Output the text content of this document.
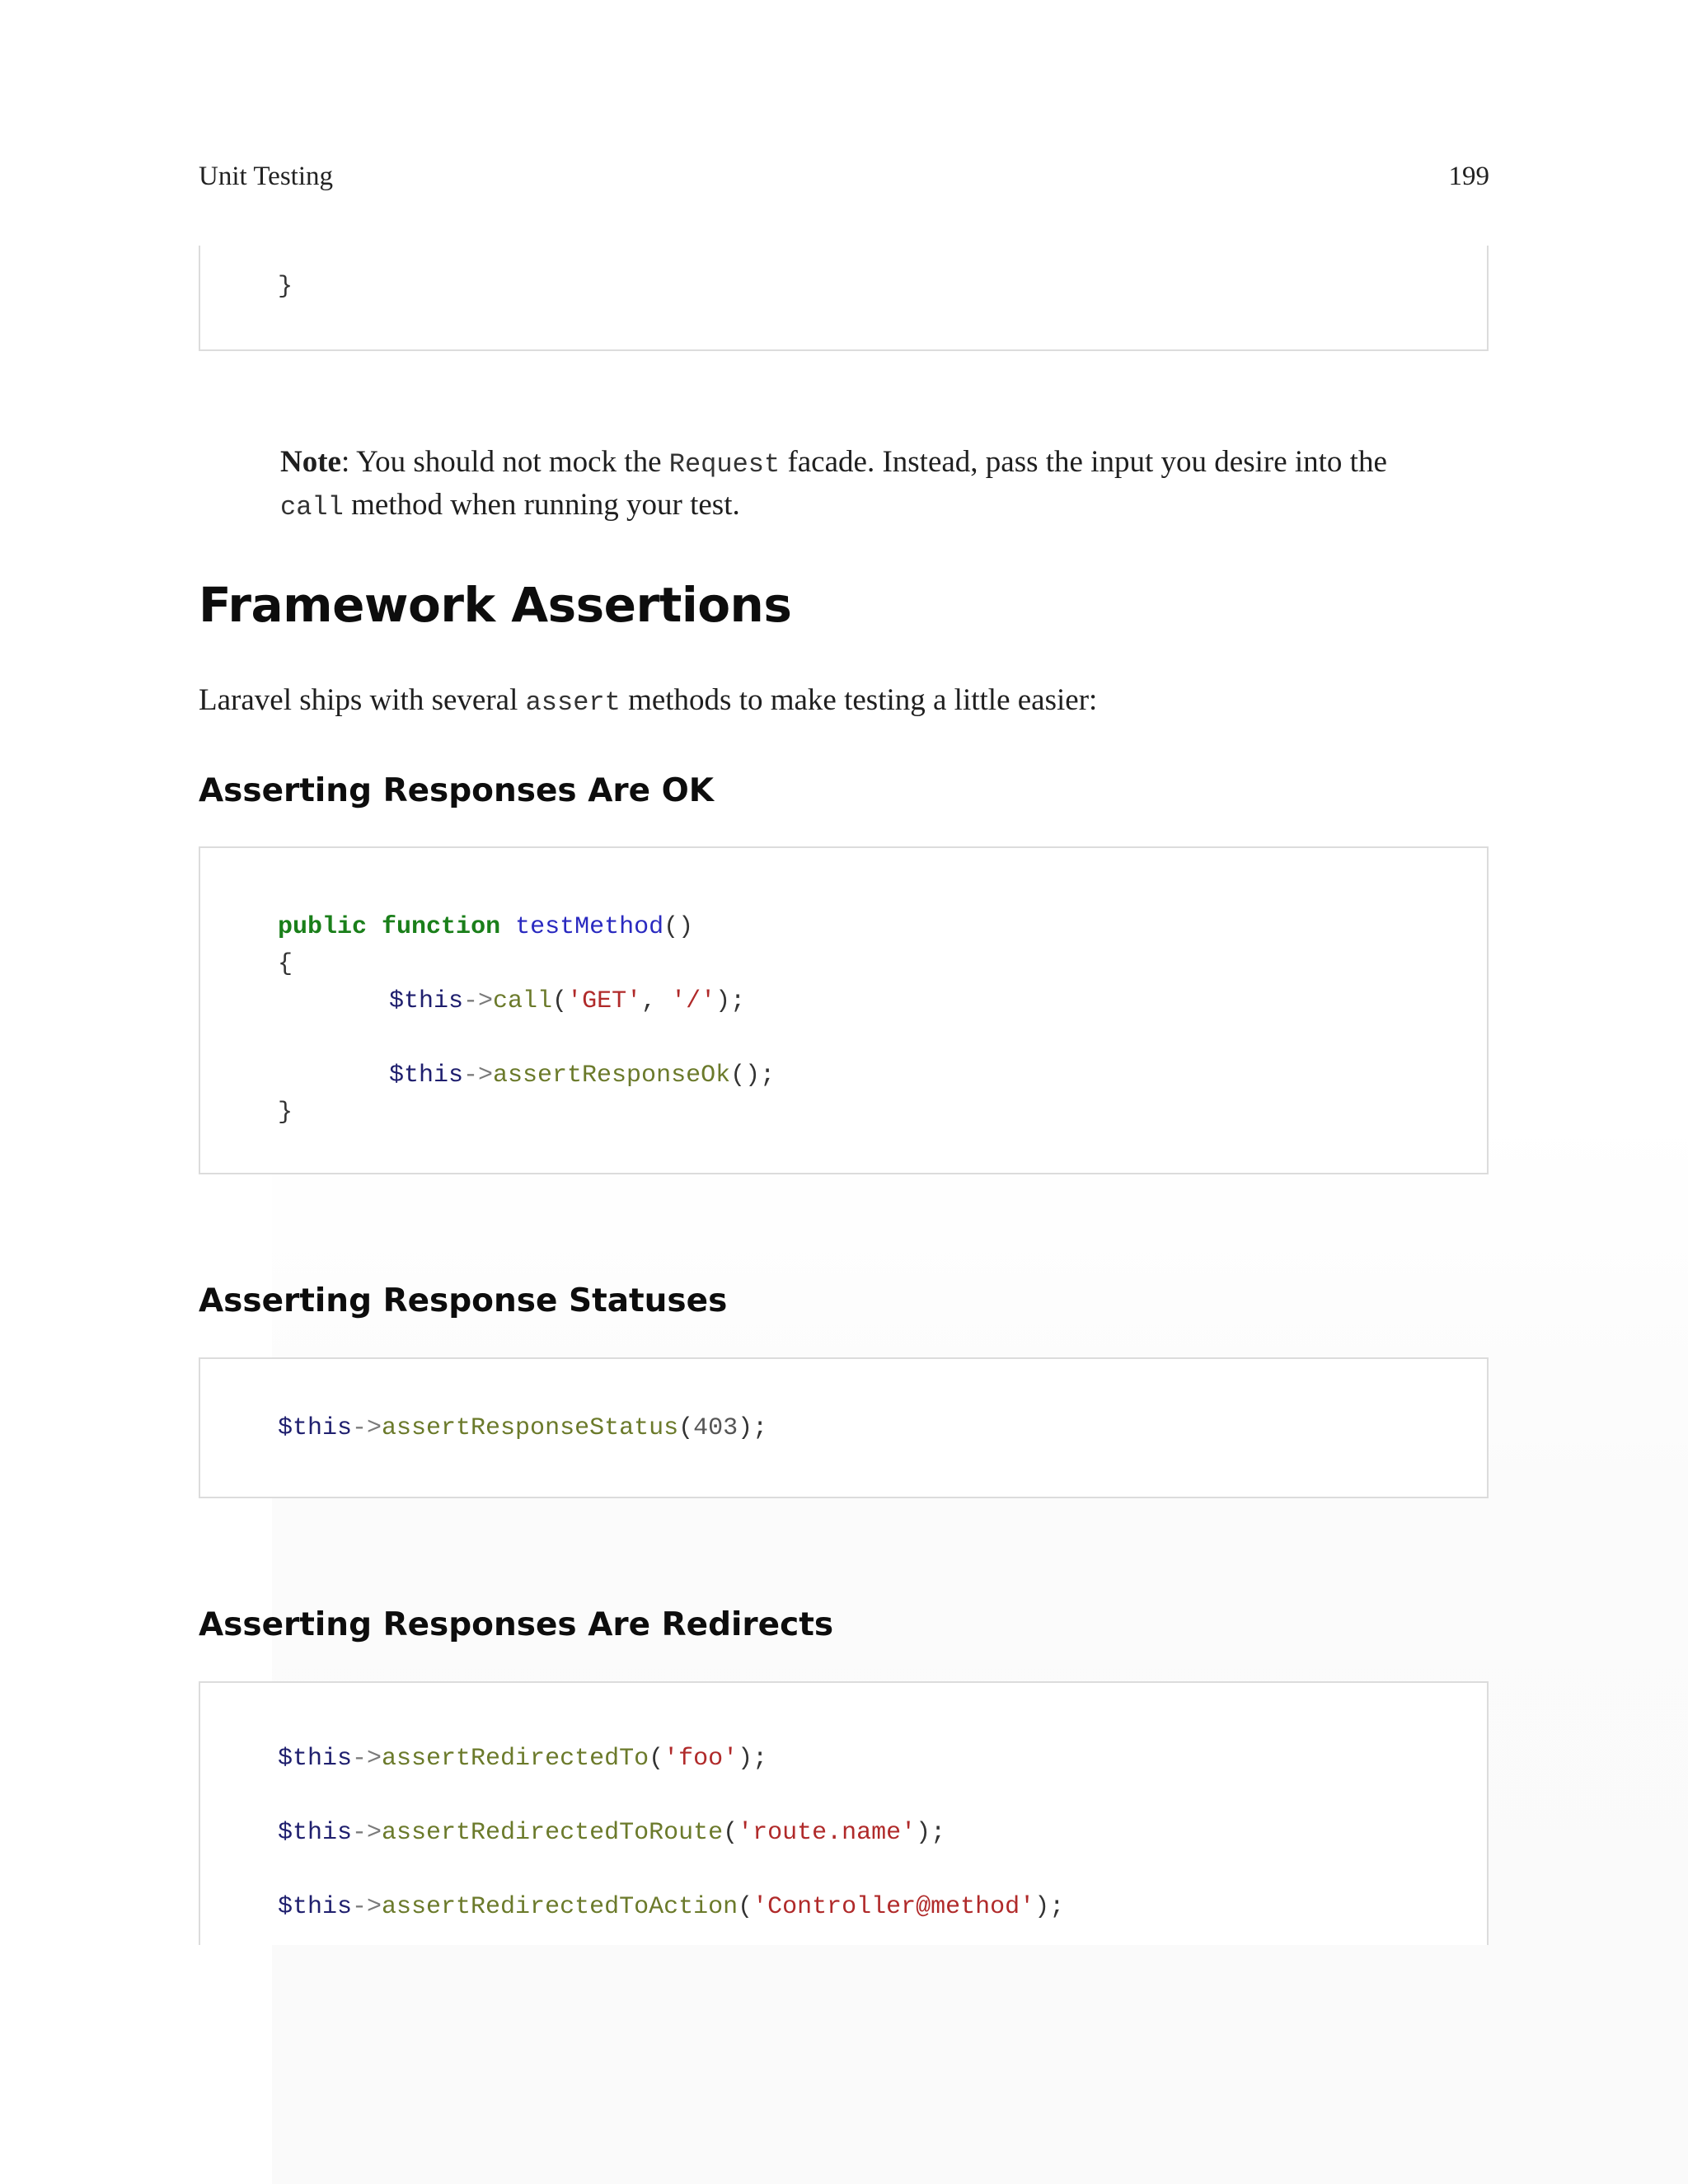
Unit Testing	199
}
Note: You should not mock the Request facade. Instead, pass the input you desire into the call method when running your test.
Framework Assertions
Laravel ships with several assert methods to make testing a little easier:
Asserting Responses Are OK
public function testMethod()
{
$this->call('GET', '/');
$this->assertResponseOk();
}
Asserting Response Statuses
$this->assertResponseStatus(403);
Asserting Responses Are Redirects
$this->assertRedirectedTo('foo');
$this->assertRedirectedToRoute('route.name');
$this->assertRedirectedToAction('Controller@method');
